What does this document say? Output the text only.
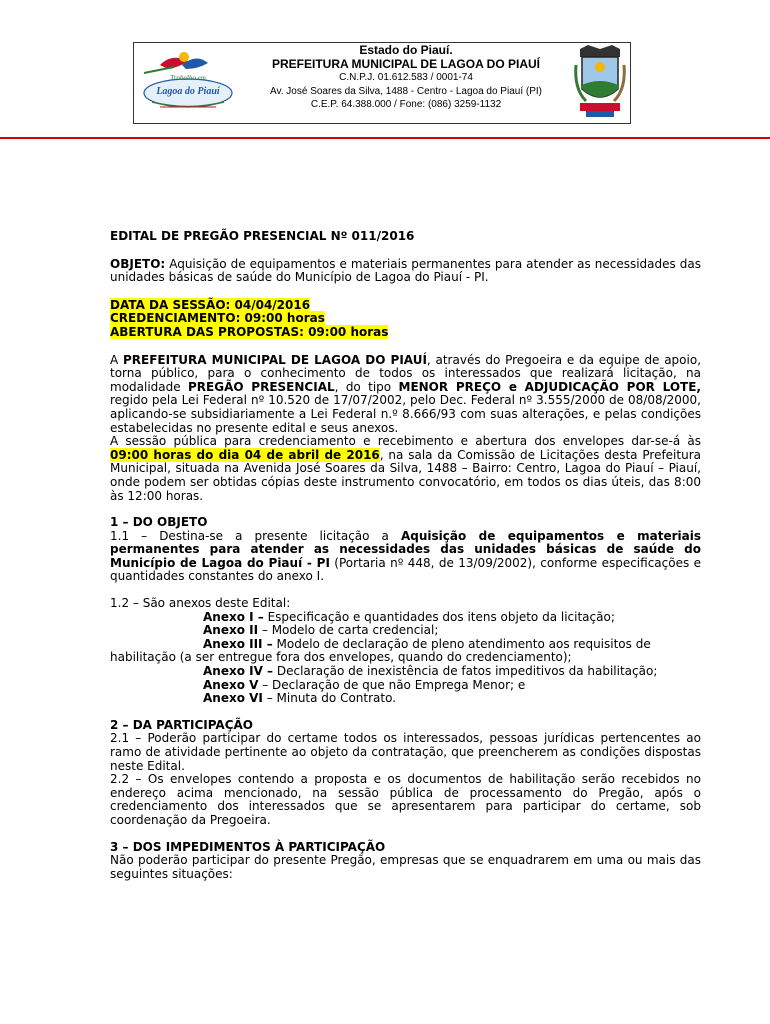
Trabalho em
Lagoa do Piauí
Estado do Piauí.
PREFEITURA MUNICIPAL DE LAGOA DO PIAUÍ
C.N.P.J. 01.612.583 / 0001-74
Av. José Soares da Silva, 1488 - Centro - Lagoa do Piauí (PI)
C.E.P. 64.388.000 / Fone: (086) 3259-1132

EDITAL DE PREGÃO PRESENCIAL Nº 011/2016

OBJETO: Aquisição de equipamentos e materiais permanentes para atender as necessidades das unidades básicas de saúde do Município de Lagoa do Piauí - PI.

DATA DA SESSÃO: 04/04/2016

CREDENCIAMENTO: 09:00 horas

ABERTURA DAS PROPOSTAS: 09:00 horas

A PREFEITURA MUNICIPAL DE LAGOA DO PIAUÍ, através do Pregoeira e da equipe de apoio, torna público, para o conhecimento de todos os interessados que realizará licitação, na modalidade PREGÃO PRESENCIAL, do tipo MENOR PREÇO e ADJUDICAÇÃO POR LOTE, regido pela Lei Federal nº 10.520 de 17/07/2002, pelo Dec. Federal nº 3.555/2000 de 08/08/2000, aplicando-se subsidiariamente a Lei Federal n.º 8.666/93 com suas alterações, e pelas condições estabelecidas no presente edital e seus anexos.

A sessão pública para credenciamento e recebimento e abertura dos envelopes dar-se-á às 09:00 horas do dia 04 de abril de 2016, na sala da Comissão de Licitações desta Prefeitura Municipal, situada na Avenida José Soares da Silva, 1488 – Bairro: Centro, Lagoa do Piauí – Piauí, onde podem ser obtidas cópias deste instrumento convocatório, em todos os dias úteis, das 8:00 às 12:00 horas.

1 – DO OBJETO

1.1 – Destina-se a presente licitação a Aquisição de equipamentos e materiais permanentes para atender as necessidades das unidades básicas de saúde do Município de Lagoa do Piauí - PI (Portaria nº 448, de 13/09/2002), conforme especificações e quantidades constantes do anexo I.

1.2 – São anexos deste Edital:

Anexo I – Especificação e quantidades dos itens objeto da licitação;

Anexo II – Modelo de carta credencial;

Anexo III – Modelo de declaração de pleno atendimento aos requisitos de

habilitação (a ser entregue fora dos envelopes, quando do credenciamento);

Anexo IV – Declaração de inexistência de fatos impeditivos da habilitação;

Anexo V – Declaração de que não Emprega Menor; e

Anexo VI – Minuta do Contrato.

2 – DA PARTICIPAÇÃO

2.1 – Poderão participar do certame todos os interessados, pessoas jurídicas pertencentes ao ramo de atividade pertinente ao objeto da contratação, que preencherem as condições dispostas neste Edital.

2.2 – Os envelopes contendo a proposta e os documentos de habilitação serão recebidos no endereço acima mencionado, na sessão pública de processamento do Pregão, após o credenciamento dos interessados que se apresentarem para participar do certame, sob coordenação da Pregoeira.

3 – DOS IMPEDIMENTOS À PARTICIPAÇÃO

Não poderão participar do presente Pregão, empresas que se enquadrarem em uma ou mais das seguintes situações:
